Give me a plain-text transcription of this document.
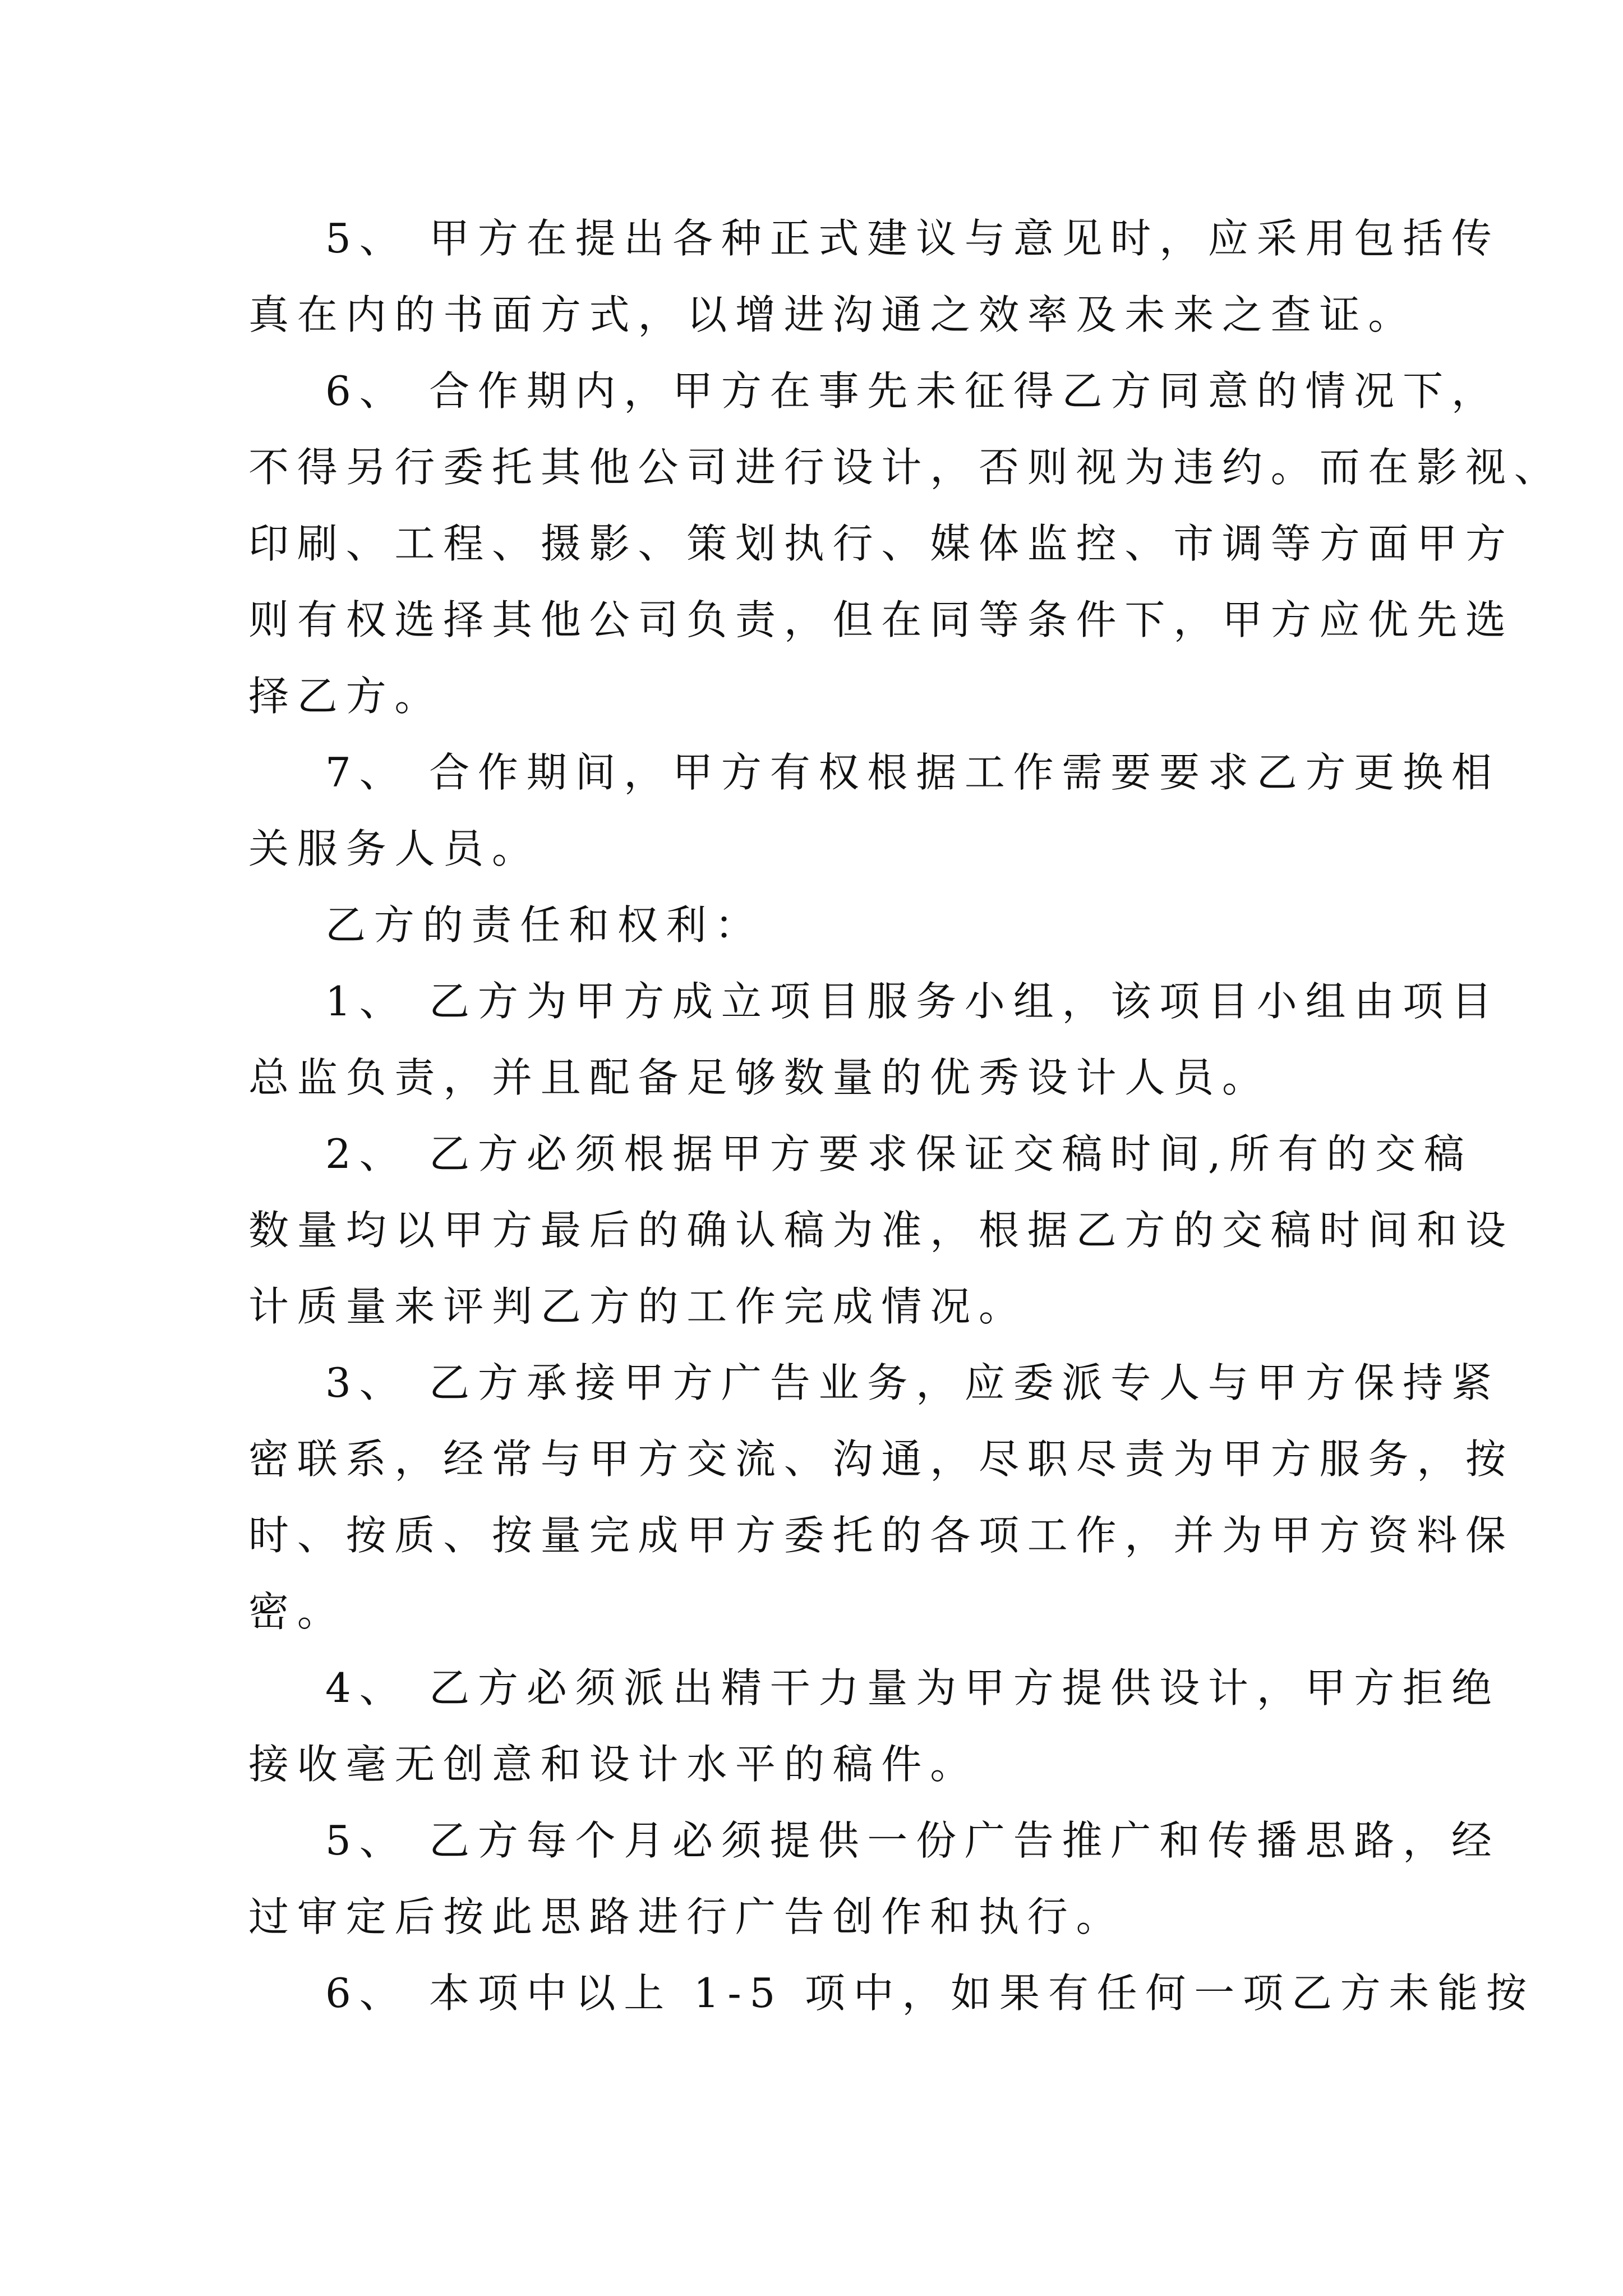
5、 甲方在提出各种正式建议与意见时，应采用包括传

真在内的书面方式，以增进沟通之效率及未来之查证。

6、 合作期内，甲方在事先未征得乙方同意的情况下，

不得另行委托其他公司进行设计，否则视为违约。而在影视、

印刷、工程、摄影、策划执行、媒体监控、市调等方面甲方

则有权选择其他公司负责，但在同等条件下，甲方应优先选

择乙方。

7、 合作期间，甲方有权根据工作需要要求乙方更换相

关服务人员。

乙方的责任和权利：

1、 乙方为甲方成立项目服务小组，该项目小组由项目

总监负责，并且配备足够数量的优秀设计人员。

2、 乙方必须根据甲方要求保证交稿时间,所有的交稿

数量均以甲方最后的确认稿为准，根据乙方的交稿时间和设

计质量来评判乙方的工作完成情况。

3、 乙方承接甲方广告业务，应委派专人与甲方保持紧

密联系，经常与甲方交流、沟通，尽职尽责为甲方服务，按

时、按质、按量完成甲方委托的各项工作，并为甲方资料保

密。

4、 乙方必须派出精干力量为甲方提供设计，甲方拒绝

接收毫无创意和设计水平的稿件。

5、 乙方每个月必须提供一份广告推广和传播思路，经

过审定后按此思路进行广告创作和执行。

6、 本项中以上 1-5 项中，如果有任何一项乙方未能按
